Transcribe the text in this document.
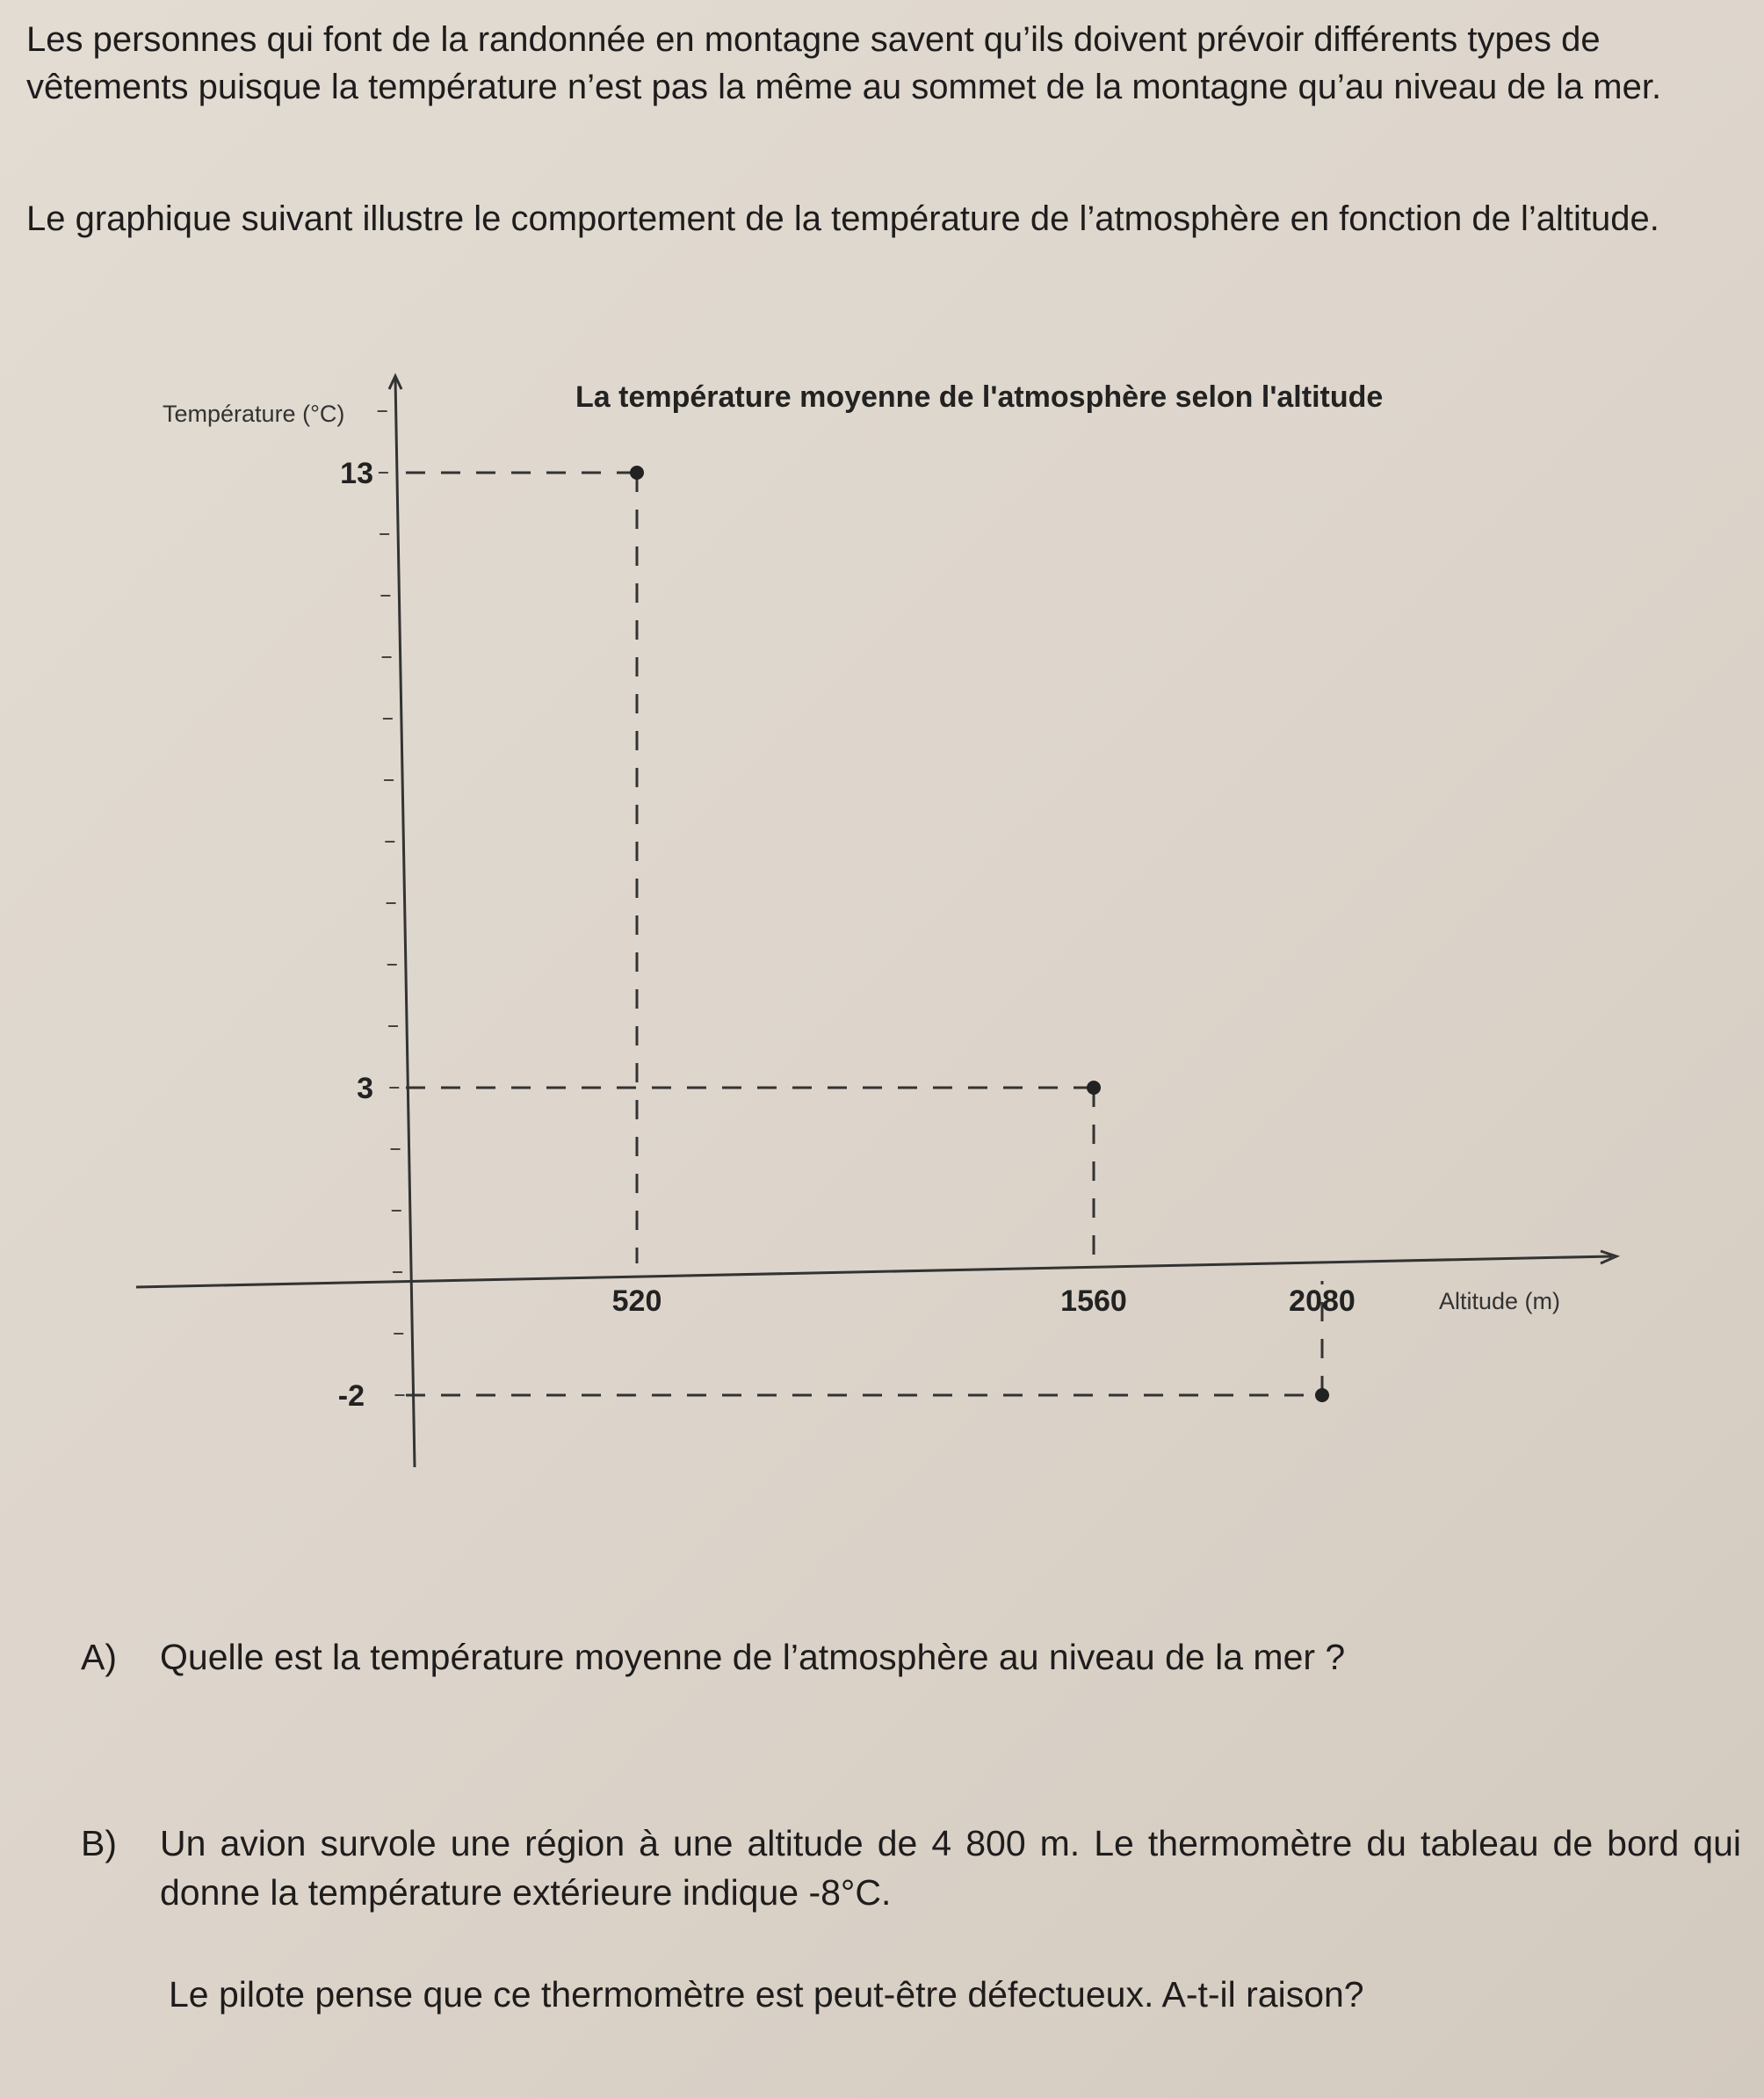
Les personnes qui font de la randonnée en montagne savent qu’ils doivent prévoir différents types de vêtements puisque la température n’est pas la même au sommet de la montagne qu’au niveau de la mer.
Le graphique suivant illustre le comportement de la température de l’atmosphère en fonction de l’altitude.
La température moyenne de l'atmosphère selon l'altitude
Température (°C)
Altitude (m)
13
520
3
1560
-2
2080
A) Quelle est la température moyenne de l’atmosphère au niveau de la mer ?
B)	Un avion survole une région à une altitude de 4 800 m. Le thermomètre du tableau de bord qui donne la température extérieure indique -8°C.
Le pilote pense que ce thermomètre est peut-être défectueux. A-t-il raison?
